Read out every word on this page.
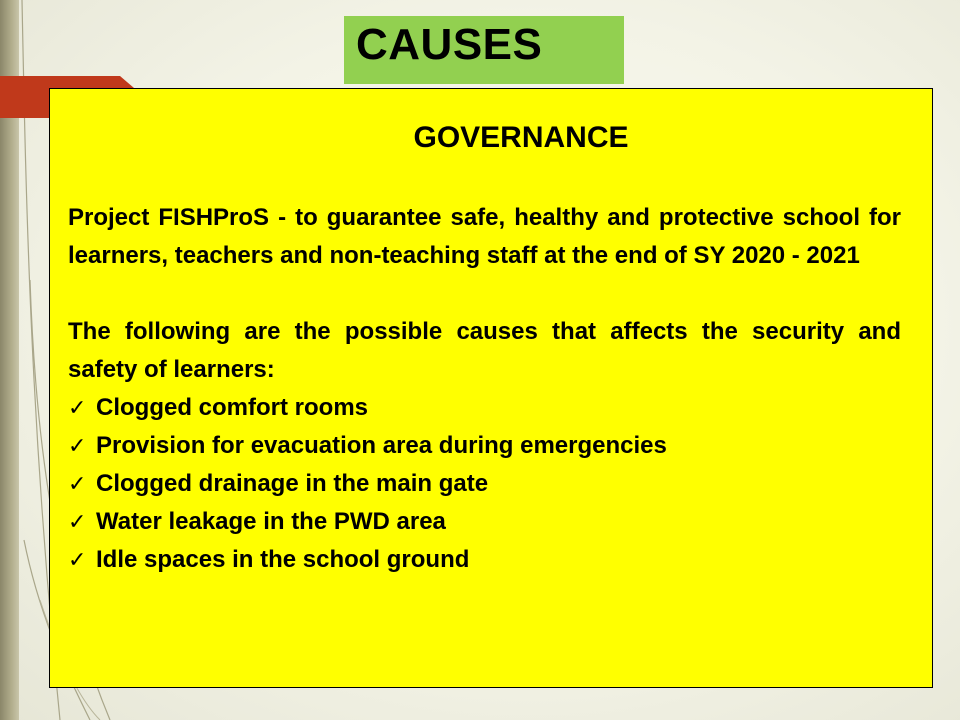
CAUSES
GOVERNANCE

Project FISHProS - to guarantee safe, healthy and protective school for learners, teachers and non-teaching staff at the end of SY 2020 - 2021

The following are the possible causes that affects the security and safety of learners:

✓ Clogged comfort rooms
✓ Provision for evacuation area during emergencies
✓ Clogged drainage in the main gate
✓ Water leakage in the PWD area
✓ Idle spaces in the school ground
